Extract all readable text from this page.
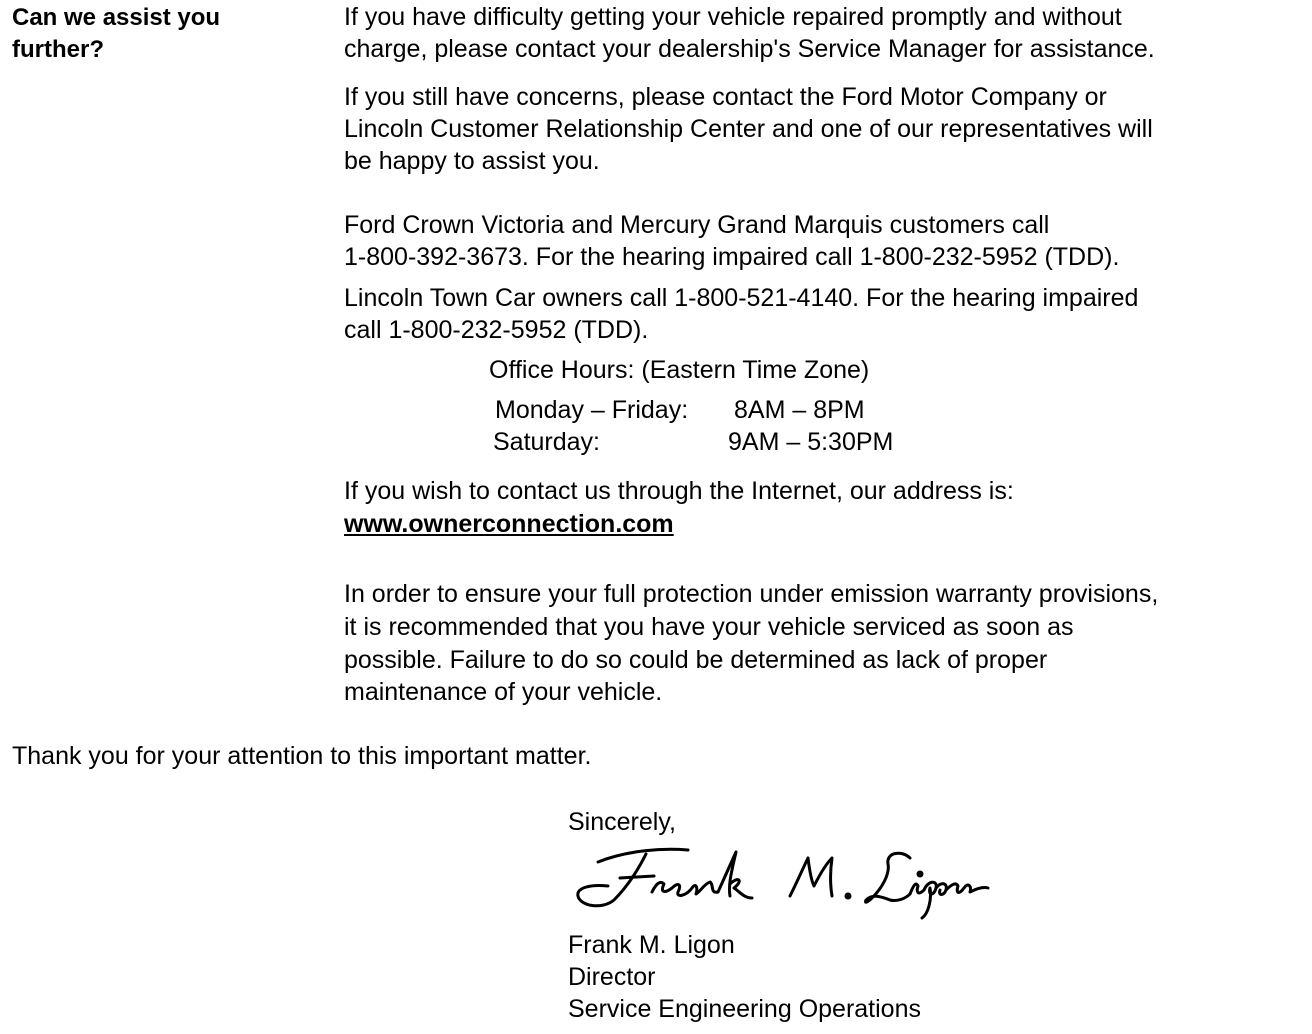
Can we assist you
further?
If you have difficulty getting your vehicle repaired promptly and without
charge, please contact your dealership's Service Manager for assistance.
If you still have concerns, please contact the Ford Motor Company or
Lincoln Customer Relationship Center and one of our representatives will
be happy to assist you.
Ford Crown Victoria and Mercury Grand Marquis customers call
1-800-392-3673. For the hearing impaired call 1-800-232-5952 (TDD).
Lincoln Town Car owners call 1-800-521-4140. For the hearing impaired
call 1-800-232-5952 (TDD).
Office Hours: (Eastern Time Zone)
Monday – Friday: 8AM – 8PM
Saturday:	9AM – 5:30PM
If you wish to contact us through the Internet, our address is:
www.ownerconnection.com
In order to ensure your full protection under emission warranty provisions,
it is recommended that you have your vehicle serviced as soon as
possible. Failure to do so could be determined as lack of proper
maintenance of your vehicle.
Thank you for your attention to this important matter.
Sincerely,
Frank M. Ligon
Director
Service Engineering Operations
